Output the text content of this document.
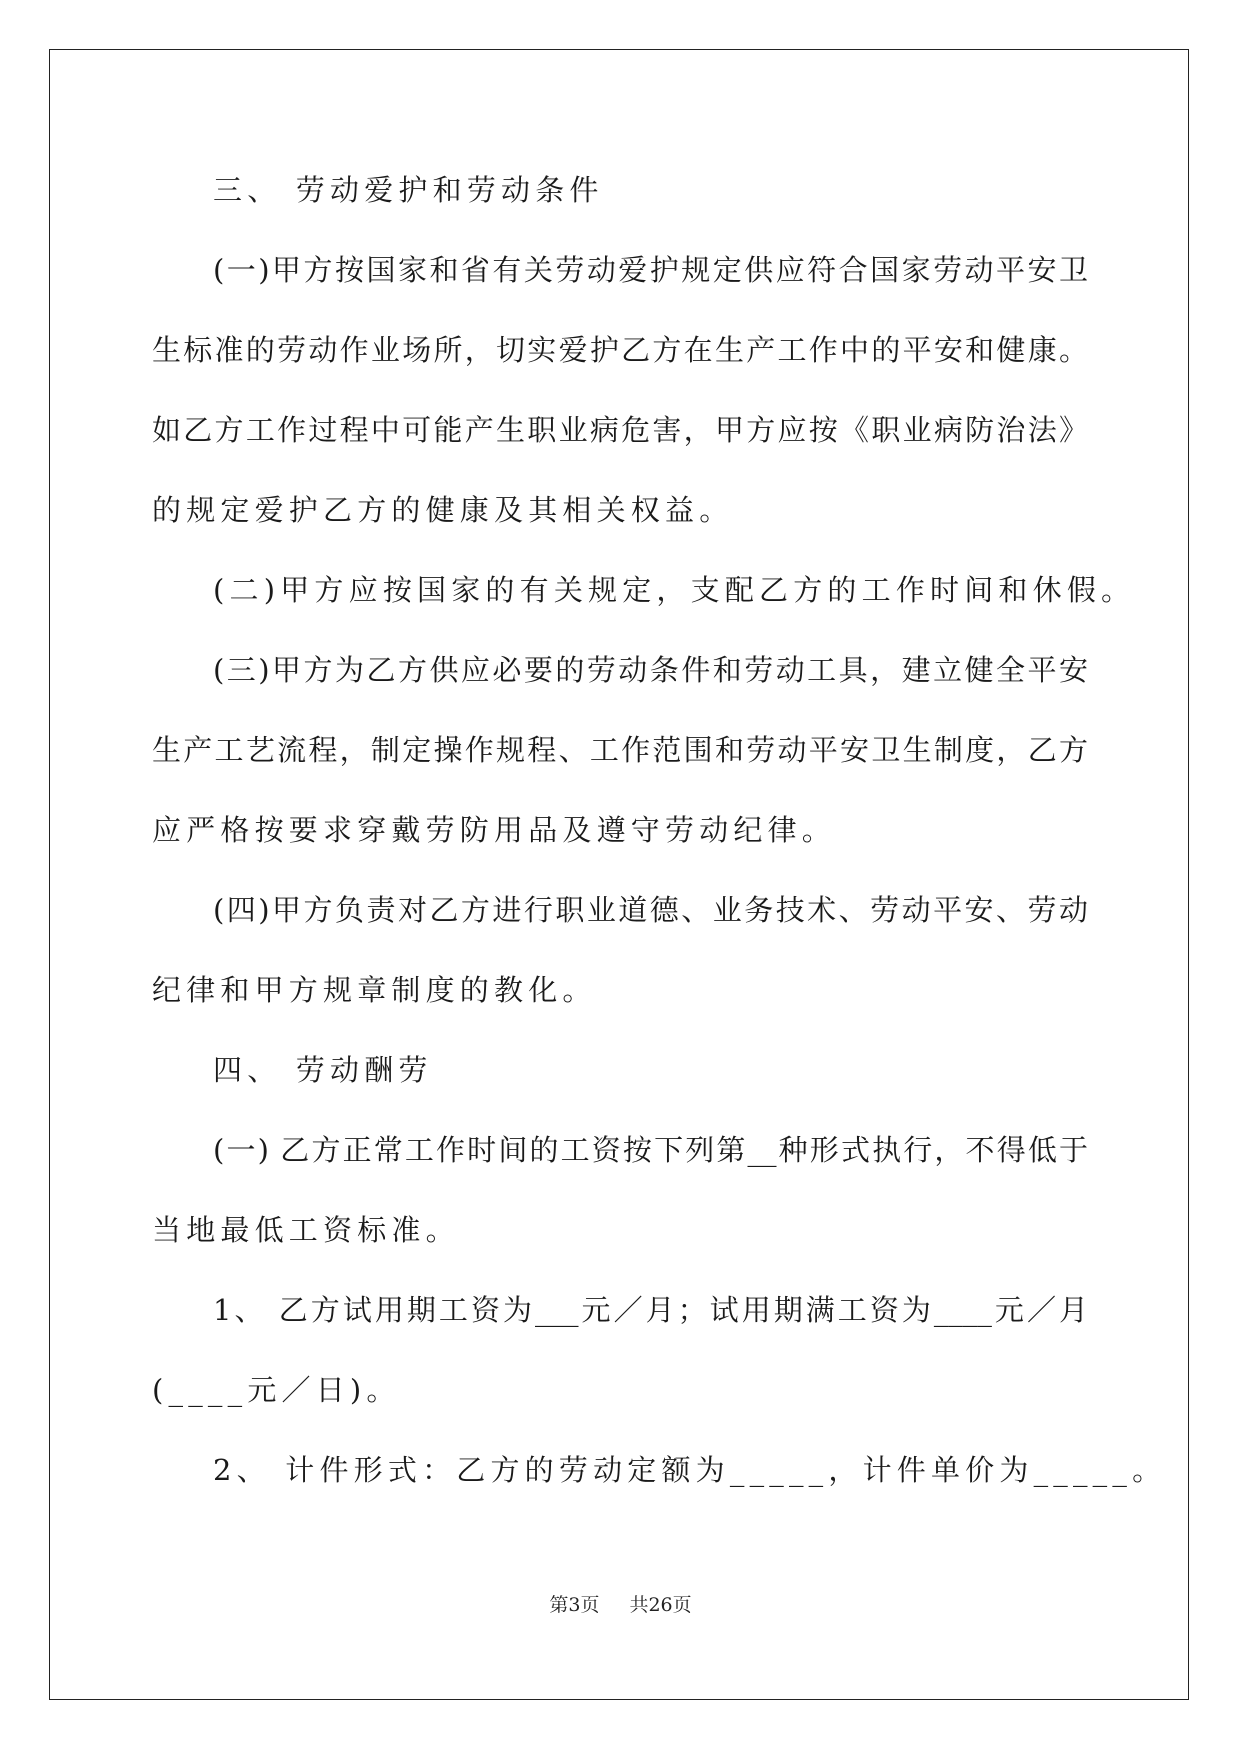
三、 劳动爱护和劳动条件
(一)甲方按国家和省有关劳动爱护规定供应符合国家劳动平安卫
生标准的劳动作业场所，切实爱护乙方在生产工作中的平安和健康。
如乙方工作过程中可能产生职业病危害，甲方应按《职业病防治法》
的规定爱护乙方的健康及其相关权益。
(二)甲方应按国家的有关规定，支配乙方的工作时间和休假。
(三)甲方为乙方供应必要的劳动条件和劳动工具，建立健全平安
生产工艺流程，制定操作规程、工作范围和劳动平安卫生制度，乙方
应严格按要求穿戴劳防用品及遵守劳动纪律。
(四)甲方负责对乙方进行职业道德、业务技术、劳动平安、劳动
纪律和甲方规章制度的教化。
四、 劳动酬劳
(一) 乙方正常工作时间的工资按下列第__种形式执行，不得低于
当地最低工资标准。
1、 乙方试用期工资为___元／月；试用期满工资为____元／月
(____元／日)。
2、 计件形式：乙方的劳动定额为_____，计件单价为_____。
第3页 共26页
